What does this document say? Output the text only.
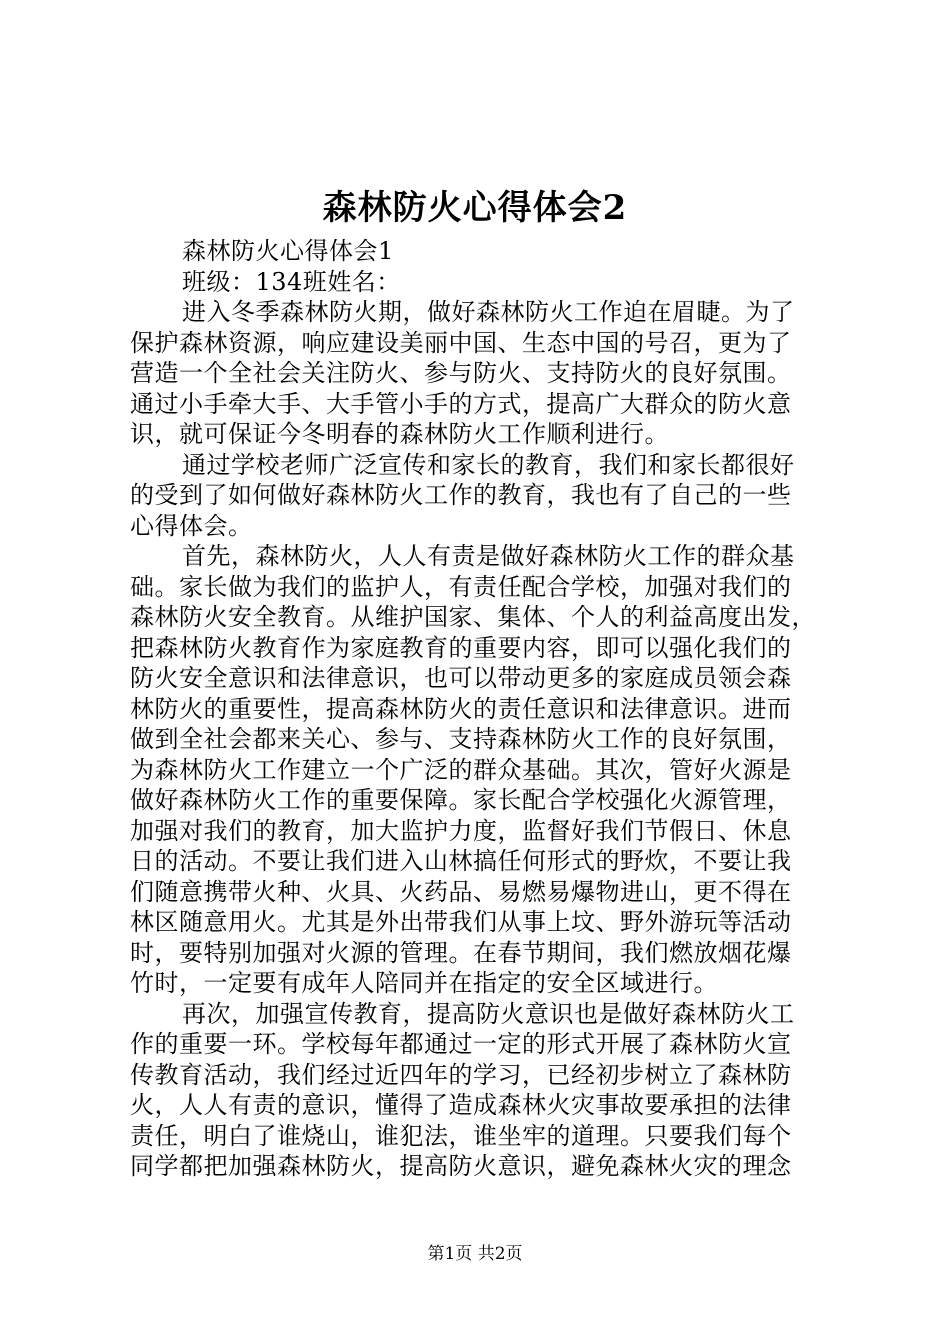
森林防火心得体会2
森林防火心得体会1
班级：134班姓名：
进入冬季森林防火期，做好森林防火工作迫在眉睫。为了
保护森林资源，响应建设美丽中国、生态中国的号召，更为了
营造一个全社会关注防火、参与防火、支持防火的良好氛围。
通过小手牵大手、大手管小手的方式，提高广大群众的防火意
识，就可保证今冬明春的森林防火工作顺利进行。
通过学校老师广泛宣传和家长的教育，我们和家长都很好
的受到了如何做好森林防火工作的教育，我也有了自己的一些
心得体会。
首先，森林防火，人人有责是做好森林防火工作的群众基
础。家长做为我们的监护人，有责任配合学校，加强对我们的
森林防火安全教育。从维护国家、集体、个人的利益高度出发，
把森林防火教育作为家庭教育的重要内容，即可以强化我们的
防火安全意识和法律意识，也可以带动更多的家庭成员领会森
林防火的重要性，提高森林防火的责任意识和法律意识。进而
做到全社会都来关心、参与、支持森林防火工作的良好氛围，
为森林防火工作建立一个广泛的群众基础。其次，管好火源是
做好森林防火工作的重要保障。家长配合学校强化火源管理，
加强对我们的教育，加大监护力度，监督好我们节假日、休息
日的活动。不要让我们进入山林搞任何形式的野炊，不要让我
们随意携带火种、火具、火药品、易燃易爆物进山，更不得在
林区随意用火。尤其是外出带我们从事上坟、野外游玩等活动
时，要特别加强对火源的管理。在春节期间，我们燃放烟花爆
竹时，一定要有成年人陪同并在指定的安全区域进行。
再次，加强宣传教育，提高防火意识也是做好森林防火工
作的重要一环。学校每年都通过一定的形式开展了森林防火宣
传教育活动，我们经过近四年的学习，已经初步树立了森林防
火，人人有责的意识，懂得了造成森林火灾事故要承担的法律
责任，明白了谁烧山，谁犯法，谁坐牢的道理。只要我们每个
同学都把加强森林防火，提高防火意识，避免森林火灾的理念
第1页 共2页
